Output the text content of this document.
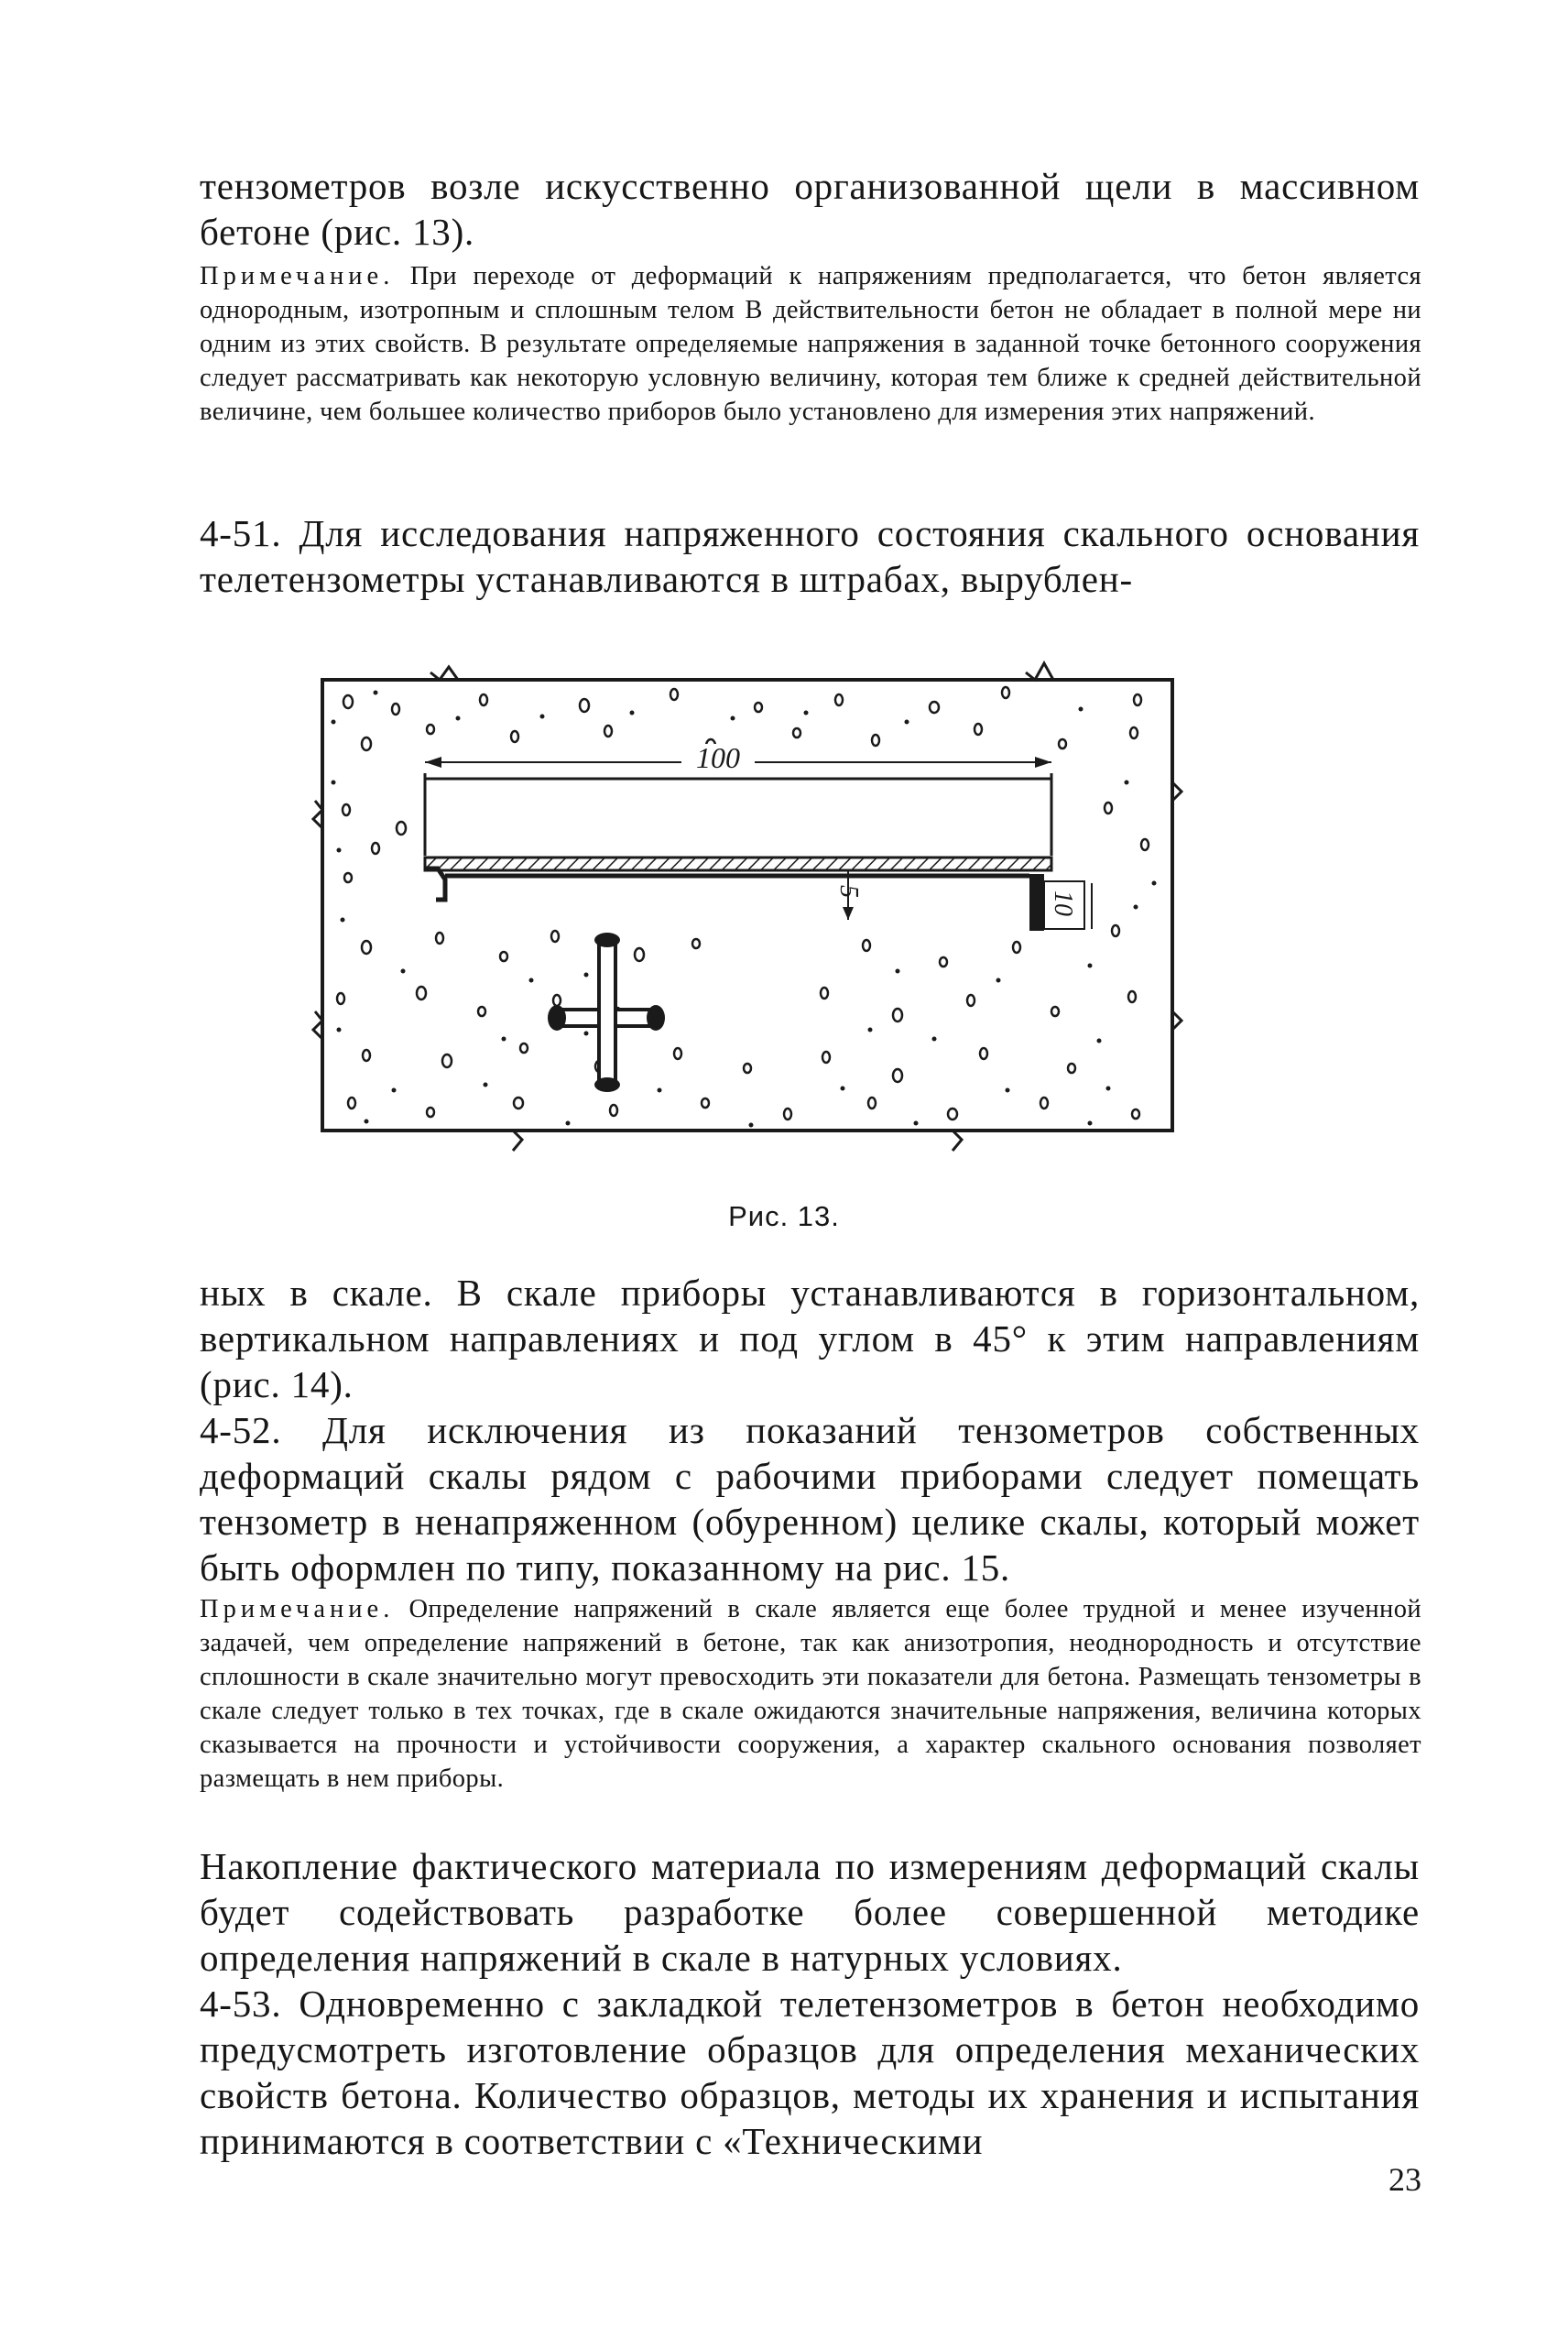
тензометров возле искусственно организованной щели в массивном бетоне (рис. 13).

Примечание. При переходе от деформаций к напряжениям предполагается, что бетон является однородным, изотропным и сплошным телом В действительности бетон не обладает в полной мере ни одним из этих свойств. В результате определяемые напряжения в заданной точке бетонного сооружения следует рассматривать как некоторую условную величину, которая тем ближе к средней действительной величине, чем большее количество приборов было установлено для измерения этих напряжений.

4-51. Для исследования напряженного состояния скального основания телетензометры устанавливаются в штрабах, вырублен-

100
5	10
Рис. 13.

ных в скале. В скале приборы устанавливаются в горизонтальном, вертикальном направлениях и под углом в 45° к этим направлениям (рис. 14).

4-52. Для исключения из показаний тензометров собственных деформаций скалы рядом с рабочими приборами следует помещать тензометр в ненапряженном (обуренном) целике скалы, который может быть оформлен по типу, показанному на рис. 15.

Примечание. Определение напряжений в скале является еще более трудной и менее изученной задачей, чем определение напряжений в бетоне, так как анизотропия, неоднородность и отсутствие сплошности в скале значительно могут превосходить эти показатели для бетона. Размещать тензометры в скале следует только в тех точках, где в скале ожидаются значительные напряжения, величина которых сказывается на прочности и устойчивости сооружения, а характер скального основания позволяет размещать в нем приборы.

Накопление фактического материала по измерениям деформаций скалы будет содействовать разработке более совершенной методике определения напряжений в скале в натурных условиях.

4-53. Одновременно с закладкой телетензометров в бетон необходимо предусмотреть изготовление образцов для определения механических свойств бетона. Количество образцов, методы их хранения и испытания принимаются в соответствии с «Техническими

23
